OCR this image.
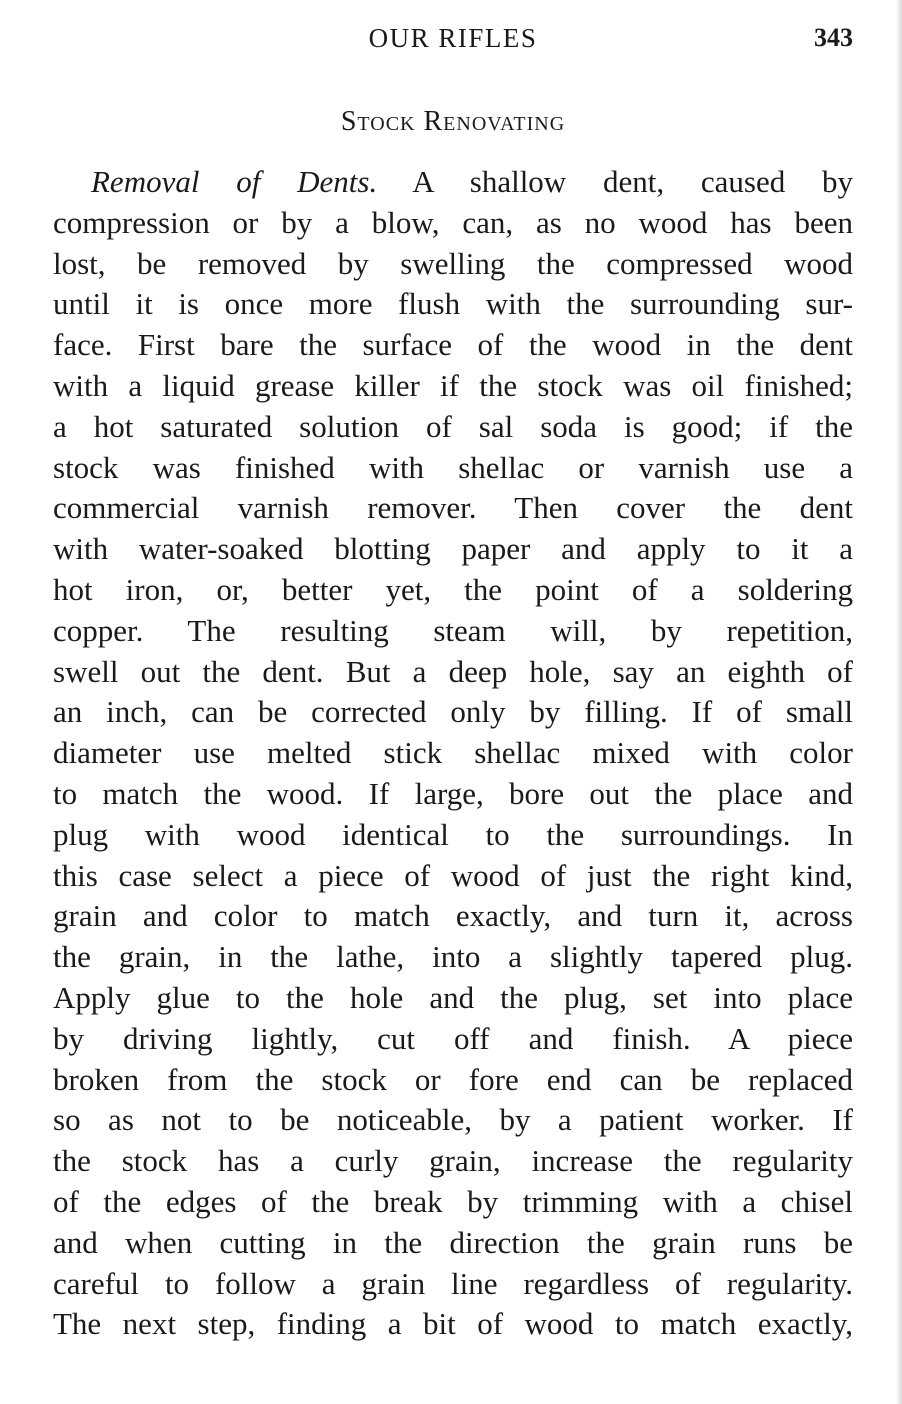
OUR RIFLES	343
Stock Renovating
Removal of Dents. A shallow dent, caused by
compression or by a blow, can, as no wood has been
lost, be removed by swelling the compressed wood
until it is once more flush with the surrounding sur-
face. First bare the surface of the wood in the dent
with a liquid grease killer if the stock was oil finished;
a hot saturated solution of sal soda is good; if the
stock was finished with shellac or varnish use a
commercial varnish remover. Then cover the dent
with water-soaked blotting paper and apply to it a
hot iron, or, better yet, the point of a soldering
copper. The resulting steam will, by repetition,
swell out the dent. But a deep hole, say an eighth of
an inch, can be corrected only by filling. If of small
diameter use melted stick shellac mixed with color
to match the wood. If large, bore out the place and
plug with wood identical to the surroundings. In
this case select a piece of wood of just the right kind,
grain and color to match exactly, and turn it, across
the grain, in the lathe, into a slightly tapered plug.
Apply glue to the hole and the plug, set into place
by driving lightly, cut off and finish. A piece
broken from the stock or fore end can be replaced
so as not to be noticeable, by a patient worker. If
the stock has a curly grain, increase the regularity
of the edges of the break by trimming with a chisel
and when cutting in the direction the grain runs be
careful to follow a grain line regardless of regularity.
The next step, finding a bit of wood to match exactly,
